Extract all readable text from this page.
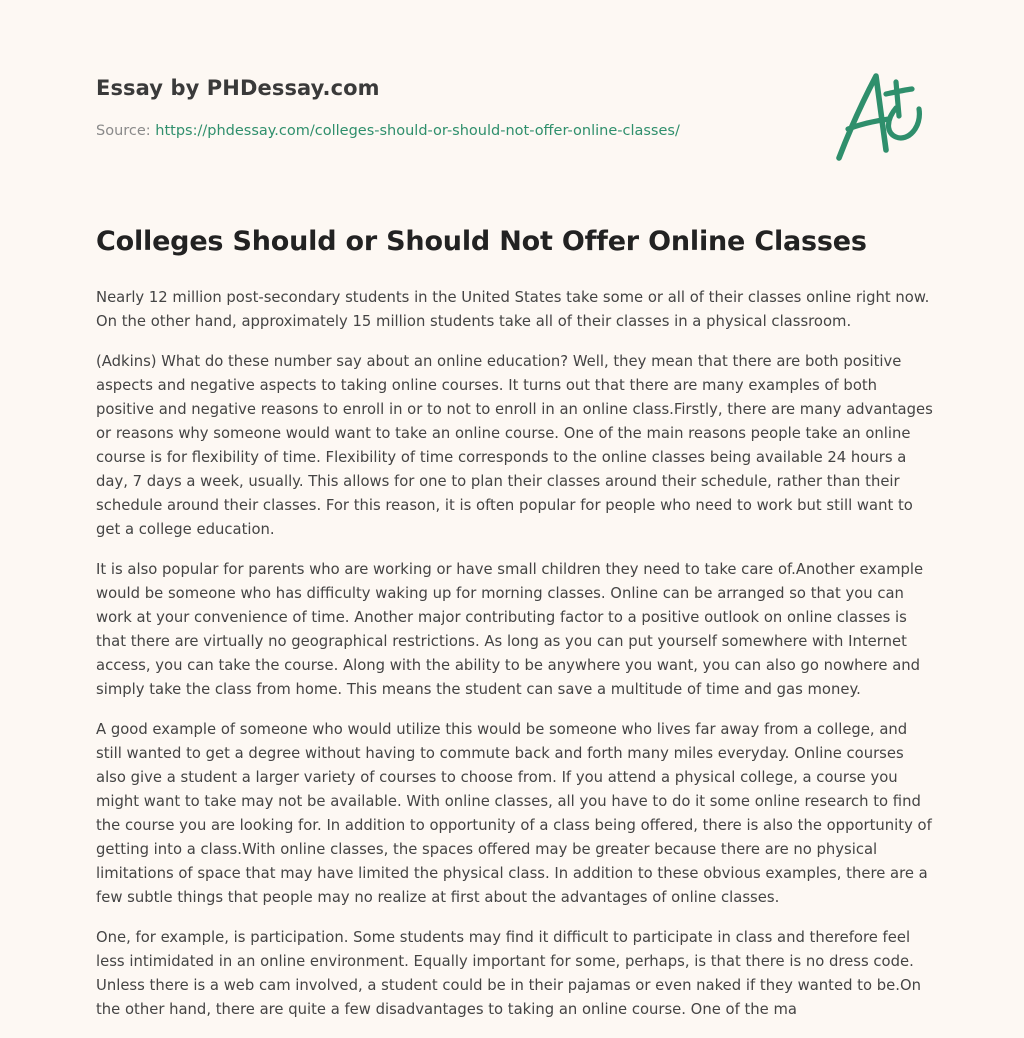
Essay by PHDessay.com
Source: https://phdessay.com/colleges-should-or-should-not-offer-online-classes/
Colleges Should or Should Not Offer Online Classes

Nearly 12 million post-secondary students in the United States take some or all of their classes online right now. On the other hand, approximately 15 million students take all of their classes in a physical classroom.

(Adkins) What do these number say about an online education? Well, they mean that there are both positive aspects and negative aspects to taking online courses. It turns out that there are many examples of both positive and negative reasons to enroll in or to not to enroll in an online class.Firstly, there are many advantages or reasons why someone would want to take an online course. One of the main reasons people take an online course is for flexibility of time. Flexibility of time corresponds to the online classes being available 24 hours a day, 7 days a week, usually. This allows for one to plan their classes around their schedule, rather than their schedule around their classes. For this reason, it is often popular for people who need to work but still want to get a college education.

It is also popular for parents who are working or have small children they need to take care of.Another example would be someone who has difficulty waking up for morning classes. Online can be arranged so that you can work at your convenience of time. Another major contributing factor to a positive outlook on online classes is that there are virtually no geographical restrictions. As long as you can put yourself somewhere with Internet access, you can take the course. Along with the ability to be anywhere you want, you can also go nowhere and simply take the class from home. This means the student can save a multitude of time and gas money.

A good example of someone who would utilize this would be someone who lives far away from a college, and still wanted to get a degree without having to commute back and forth many miles everyday. Online courses also give a student a larger variety of courses to choose from. If you attend a physical college, a course you might want to take may not be available. With online classes, all you have to do it some online research to find the course you are looking for. In addition to opportunity of a class being offered, there is also the opportunity of getting into a class.With online classes, the spaces offered may be greater because there are no physical limitations of space that may have limited the physical class. In addition to these obvious examples, there are a few subtle things that people may no realize at first about the advantages of online classes.

One, for example, is participation. Some students may find it difficult to participate in class and therefore feel less intimidated in an online environment. Equally important for some, perhaps, is that there is no dress code. Unless there is a web cam involved, a student could be in their pajamas or even naked if they wanted to be.On the other hand, there are quite a few disadvantages to taking an online course. One of the ma
